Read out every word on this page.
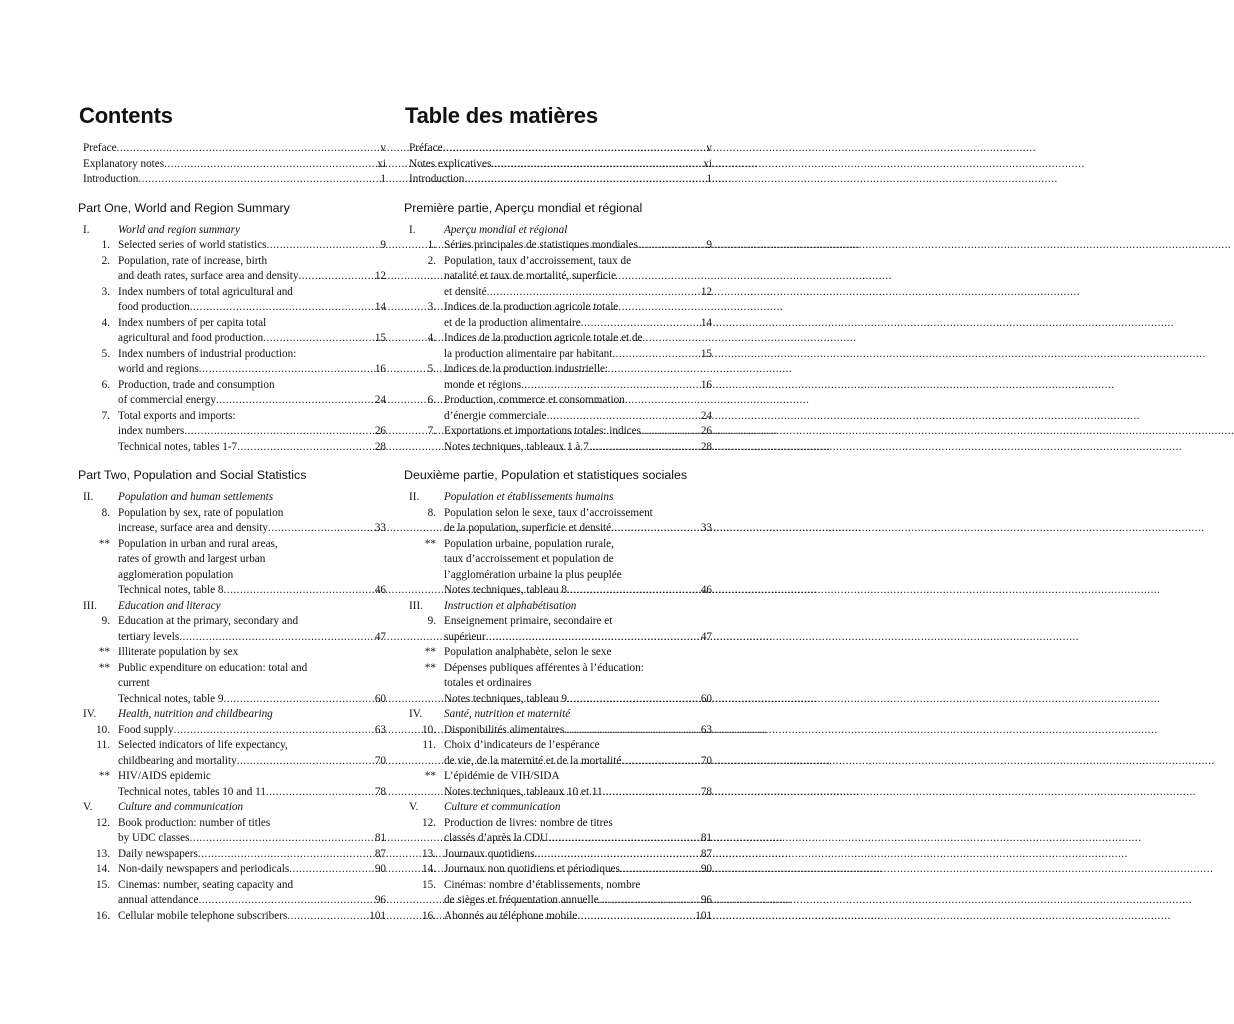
Contents
Preface .....	v
Explanatory notes .....	xi
Introduction .....	1
Part One, World and Region Summary
I.	World and region summary
1. Selected series of world statistics .....	9
2. Population, rate of increase, birth
and death rates, surface area and density .....	12
3. Index numbers of total agricultural and
food production .....	14
4. Index numbers of per capita total
agricultural and food production .....	15
5. Index numbers of industrial production:
world and regions .....	16
6. Production, trade and consumption
of commercial energy .....	24
7. Total exports and imports:
index numbers .....	26
Technical notes, tables 1-7 .....	28
Part Two, Population and Social Statistics
II.	Population and human settlements
8. Population by sex, rate of population
increase, surface area and density .....	33
** Population in urban and rural areas,
rates of growth and largest urban
agglomeration population
Technical notes, table 8 .....	46
III.	Education and literacy
9. Education at the primary, secondary and
tertiary levels .....	47
** Illiterate population by sex
** Public expenditure on education: total and
current
Technical notes, table 9 .....	60
IV.	Health, nutrition and childbearing
10. Food supply .....	63
11. Selected indicators of life expectancy,
childbearing and mortality .....	70
** HIV/AIDS epidemic
Technical notes, tables 10 and 11 .....	78
V.	Culture and communication
12. Book production: number of titles
by UDC classes .....	81
13. Daily newspapers .....	87
14. Non-daily newspapers and periodicals .....	90
15. Cinemas: number, seating capacity and
annual attendance .....	96
16. Cellular mobile telephone subscribers .....	101
Table des matières
Préface .....	v
Notes explicatives .....	xi
Introduction .....	1
Première partie, Aperçu mondial et régional
I.	Aperçu mondial et régional
1. Séries principales de statistiques mondiales .....	9
2. Population, taux d’accroissement, taux de
natalité et taux de mortalité, superficie
et densité .....	12
3. Indices de la production agricole totale
et de la production alimentaire .....	14
4. Indices de la production agricole totale et de
la production alimentaire par habitant .....	15
5. Indices de la production industrielle:
monde et régions .....	16
6. Production, commerce et consommation
d’énergie commerciale .....	24
7. Exportations et importations totales: indices .....	26
Notes techniques, tableaux 1 à 7 .....	28
Deuxième partie, Population et statistiques sociales
II.	Population et établissements humains
8. Population selon le sexe, taux d’accroissement
de la population, superficie et densité .....	33
** Population urbaine, population rurale,
taux d’accroissement et population de
l’agglomération urbaine la plus peuplée
Notes techniques, tableau 8 .....	46
III.	Instruction et alphabétisation
9. Enseignement primaire, secondaire et
supérieur .....	47
** Population analphabète, selon le sexe
** Dépenses publiques afférentes à l’éducation:
totales et ordinaires
Notes techniques, tableau 9 .....	60
IV.	Santé, nutrition et maternité
10. Disponibilités alimentaires .....	63
11. Choix d’indicateurs de l’espérance
de vie, de la maternité et de la mortalité .....	70
** L’épidémie de VIH/SIDA
Notes techniques, tableaux 10 et 11 .....	78
V.	Culture et communication
12. Production de livres: nombre de titres
classés d’après la CDU .....	81
13. Journaux quotidiens .....	87
14. Journaux non quotidiens et périodiques .....	90
15. Cinémas: nombre d’établissements, nombre
de sièges et fréquentation annuelle .....	96
16. Abonnés au téléphone mobile .....	101
